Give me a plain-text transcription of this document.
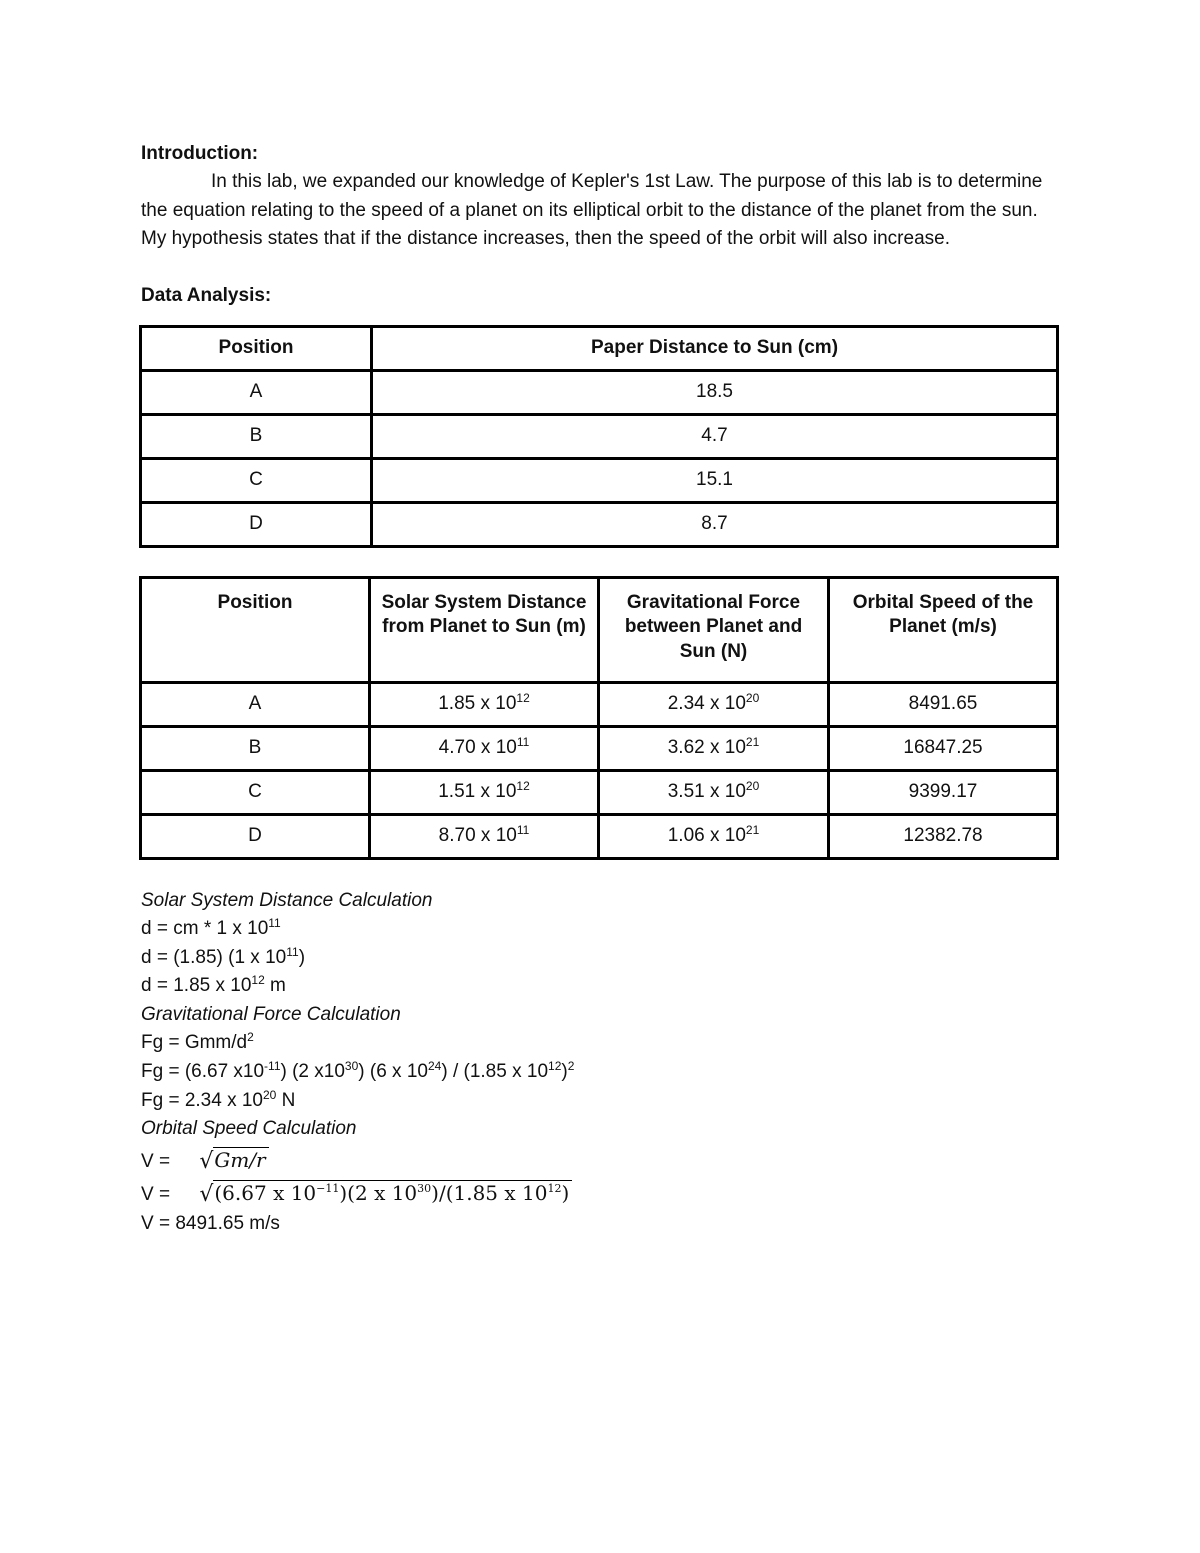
Introduction:

In this lab, we expanded our knowledge of Kepler's 1st Law. The purpose of this lab is to determine the equation relating to the speed of a planet on its elliptical orbit to the distance of the planet from the sun. My hypothesis states that if the distance increases, then the speed of the orbit will also increase.

Data Analysis:

Position	Paper Distance to Sun (cm)
A	18.5
B	4.7
C	15.1
D	8.7
Position	Solar System Distance from Planet to Sun (m)	Gravitational Force between Planet and Sun (N)	Orbital Speed of the Planet (m/s)
A	1.85 x $10^{12}$	2.34 x $10^{20}$	8491.65
B	4.70 x $10^{11}$	3.62 x $10^{21}$	16847.25
C	1.51 x $10^{12}$	3.51 x $10^{20}$	9399.17
D	8.70 x $10^{11}$	1.06 x $10^{21}$	12382.78
Solar System Distance Calculation
d = cm * 1 x $10^{11}$
d = (1.85) (1 x $10^{11}$)
d = 1.85 x $10^{12}$ m
Gravitational Force Calculation
Fg = Gmm/$d^2$
Fg = (6.67 $x10^{-11}$) (2 $x10^{30}$) (6 x $10^{24}) / (1.85$ x $10^{12})^2$
Fg = 2.34 x $10^{20}$ N
Orbital Speed Calculation
V = √Gm/r
V = √(6.67 x $10^{-11})(2$ x $10^{30})/(1.85$ x $10^{12}$)
V = 8491.65 m/s
